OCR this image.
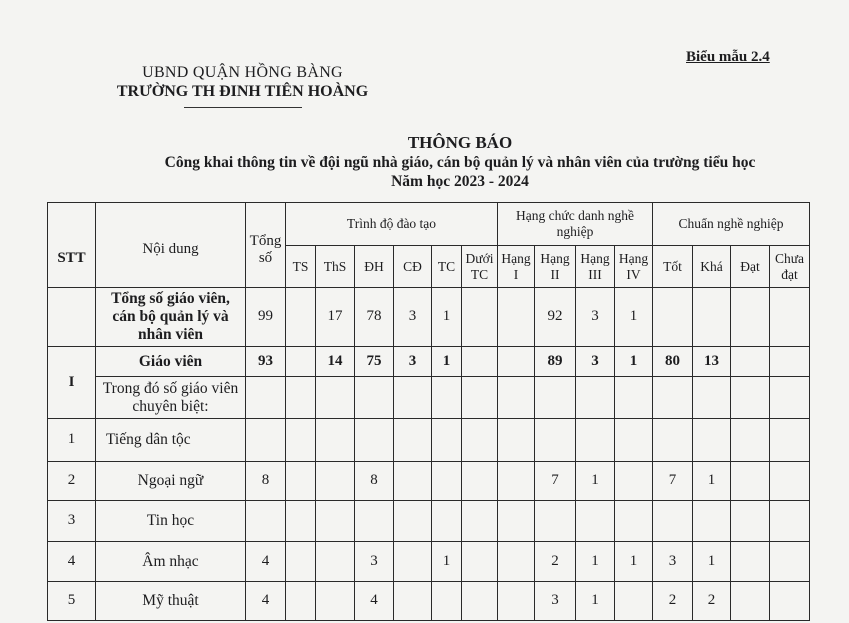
Biểu mẫu 2.4
UBND QUẬN HỒNG BÀNG
TRƯỜNG TH ĐINH TIÊN HOÀNG
THÔNG BÁO
Công khai thông tin về đội ngũ nhà giáo, cán bộ quản lý và nhân viên của trường tiểu học
Năm học 2023 - 2024
STT	Nội dung	Tổng số	Trình độ đào tạo						Hạng chức danh nghề nghiệp				Chuẩn nghề nghiệp			
			TS	ThS	ĐH	CĐ	TC	Dưới TC	Hạng I	Hạng II	Hạng III	Hạng IV	Tốt	Khá	Đạt	Chưa đạt
	Tổng số giáo viên, cán bộ quản lý và nhân viên	99		17	78	3	1			92	3	1				
I	Giáo viên	93		14	75	3	1			89	3	1	80	13		
	Trong đó số giáo viên chuyên biệt:															
1	Tiếng dân tộc															
2	Ngoại ngữ	8			8					7	1		7	1		
3	Tin học															
4	Âm nhạc	4			3		1			2	1	1	3	1		
5	Mỹ thuật	4			4					3	1		2	2		
